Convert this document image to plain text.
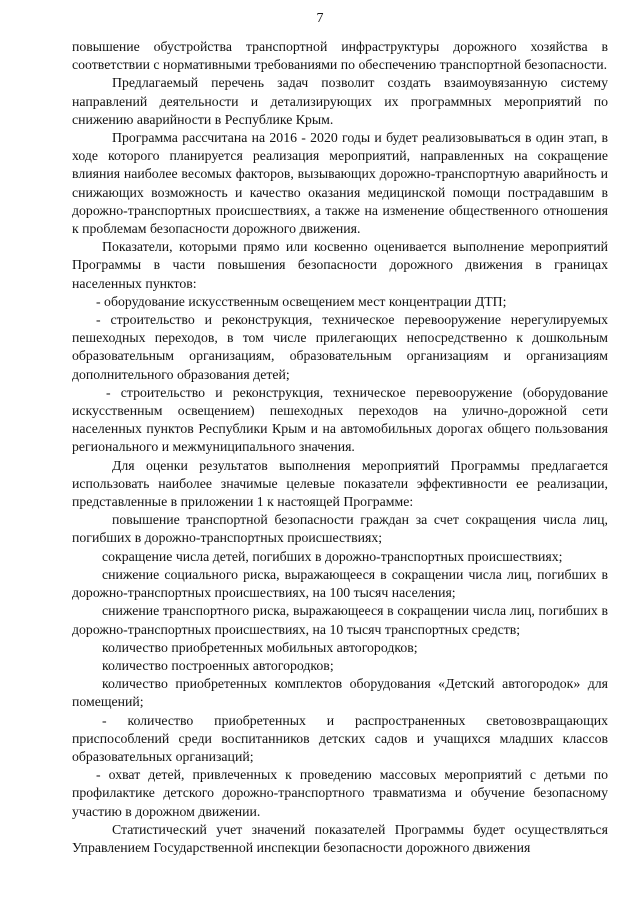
7

повышение обустройства транспортной инфраструктуры дорожного хозяйства в соответствии с нормативными требованиями по обеспечению транспортной безопасности.

Предлагаемый перечень задач позволит создать взаимоувязанную систему направлений деятельности и детализирующих их программных мероприятий по снижению аварийности в Республике Крым.

Программа рассчитана на 2016 - 2020 годы и будет реализовываться в один этап, в ходе которого планируется реализация мероприятий, направленных на сокращение влияния наиболее весомых факторов, вызывающих дорожно-транспортную аварийность и снижающих возможность и качество оказания медицинской помощи пострадавшим в дорожно-транспортных происшествиях, а также на изменение общественного отношения к проблемам безопасности дорожного движения.

Показатели, которыми прямо или косвенно оценивается выполнение мероприятий Программы в части повышения безопасности дорожного движения в границах населенных пунктов:

- оборудование искусственным освещением мест концентрации ДТП;

- строительство и реконструкция, техническое перевооружение нерегулируемых пешеходных переходов, в том числе прилегающих непосредственно к дошкольным образовательным организациям, образовательным организациям и организациям дополнительного образования детей;

- строительство и реконструкция, техническое перевооружение (оборудование искусственным освещением) пешеходных переходов на улично-дорожной сети населенных пунктов Республики Крым и на автомобильных дорогах общего пользования регионального и межмуниципального значения.

Для оценки результатов выполнения мероприятий Программы предлагается использовать наиболее значимые целевые показатели эффективности ее реализации, представленные в приложении 1 к настоящей Программе:

повышение транспортной безопасности граждан за счет сокращения числа лиц, погибших в дорожно-транспортных происшествиях;

сокращение числа детей, погибших в дорожно-транспортных происшествиях;

снижение социального риска, выражающееся в сокращении числа лиц, погибших в дорожно-транспортных происшествиях, на 100 тысяч населения;

снижение транспортного риска, выражающееся в сокращении числа лиц, погибших в дорожно-транспортных происшествиях, на 10 тысяч транспортных средств;

количество приобретенных мобильных автогородков;

количество построенных автогородков;

количество приобретенных комплектов оборудования «Детский автогородок» для помещений;

- количество приобретенных и распространенных световозвращающих приспособлений среди воспитанников детских садов и учащихся младших классов образовательных организаций;

- охват детей, привлеченных к проведению массовых мероприятий с детьми по профилактике детского дорожно-транспортного травматизма и обучение безопасному участию в дорожном движении.

Статистический учет значений показателей Программы будет осуществляться Управлением Государственной инспекции безопасности дорожного движения
